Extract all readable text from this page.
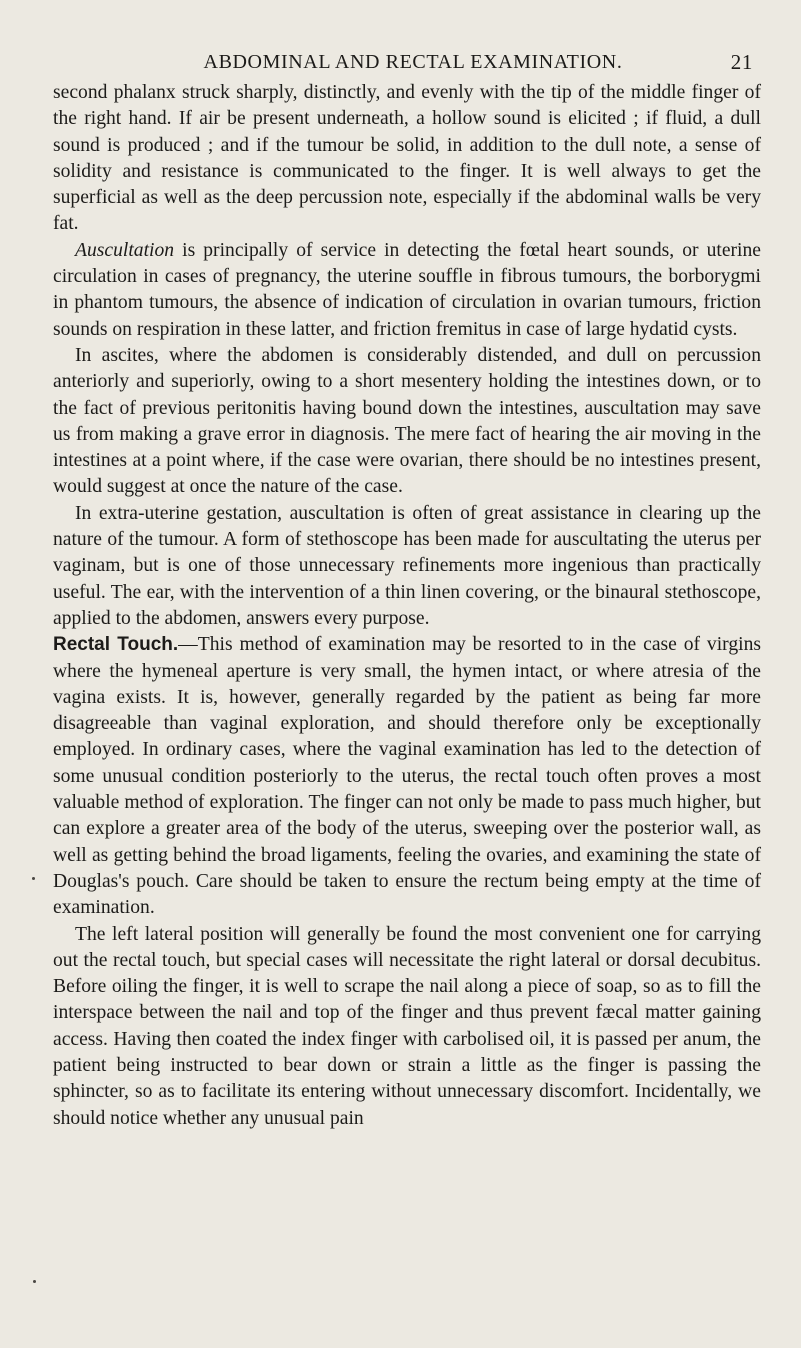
ABDOMINAL AND RECTAL EXAMINATION.	21

second phalanx struck sharply, distinctly, and evenly with the tip of the middle finger of the right hand. If air be present underneath, a hollow sound is elicited ; if fluid, a dull sound is produced ; and if the tumour be solid, in addition to the dull note, a sense of solidity and resistance is communicated to the finger. It is well always to get the superficial as well as the deep percussion note, especially if the abdominal walls be very fat.

Auscultation is principally of service in detecting the fœtal heart sounds, or uterine circulation in cases of pregnancy, the uterine souffle in fibrous tumours, the borborygmi in phantom tumours, the absence of indication of circulation in ovarian tumours, friction sounds on respiration in these latter, and friction fremitus in case of large hydatid cysts.

In ascites, where the abdomen is considerably distended, and dull on percussion anteriorly and superiorly, owing to a short mesentery holding the intestines down, or to the fact of previous peritonitis having bound down the intestines, auscultation may save us from making a grave error in diagnosis. The mere fact of hearing the air moving in the intestines at a point where, if the case were ovarian, there should be no intestines present, would suggest at once the nature of the case.

In extra-uterine gestation, auscultation is often of great assistance in clearing up the nature of the tumour. A form of stethoscope has been made for auscultating the uterus per vaginam, but is one of those unnecessary refinements more ingenious than practically useful. The ear, with the intervention of a thin linen covering, or the binaural stethoscope, applied to the abdomen, answers every purpose.

Rectal Touch.—This method of examination may be resorted to in the case of virgins where the hymeneal aperture is very small, the hymen intact, or where atresia of the vagina exists. It is, however, generally regarded by the patient as being far more disagreeable than vaginal exploration, and should therefore only be exceptionally employed. In ordinary cases, where the vaginal examination has led to the detection of some unusual condition posteriorly to the uterus, the rectal touch often proves a most valuable method of exploration. The finger can not only be made to pass much higher, but can explore a greater area of the body of the uterus, sweeping over the posterior wall, as well as getting behind the broad ligaments, feeling the ovaries, and examining the state of Douglas's pouch. Care should be taken to ensure the rectum being empty at the time of examination.

The left lateral position will generally be found the most convenient one for carrying out the rectal touch, but special cases will necessitate the right lateral or dorsal decubitus. Before oiling the finger, it is well to scrape the nail along a piece of soap, so as to fill the interspace between the nail and top of the finger and thus prevent fæcal matter gaining access. Having then coated the index finger with carbolised oil, it is passed per anum, the patient being instructed to bear down or strain a little as the finger is passing the sphincter, so as to facilitate its entering without unnecessary discomfort. Incidentally, we should notice whether any unusual pain
